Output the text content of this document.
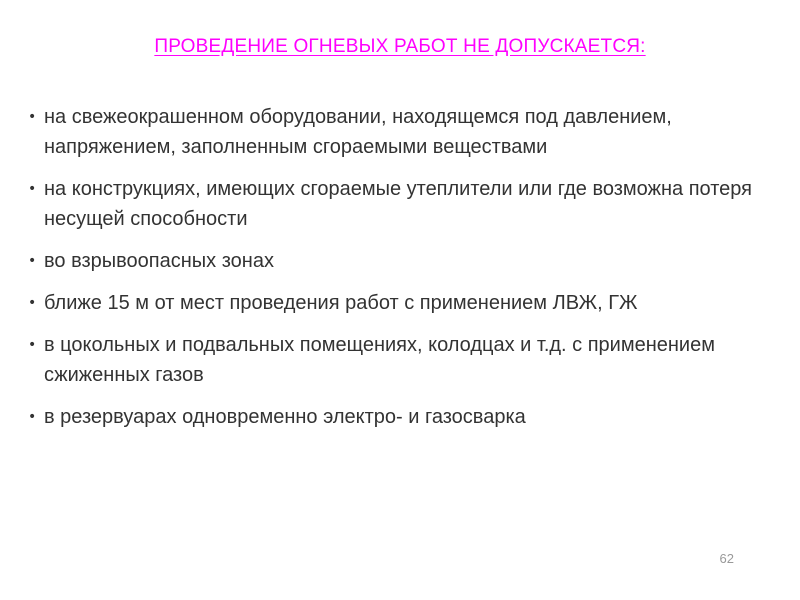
ПРОВЕДЕНИЕ ОГНЕВЫХ РАБОТ НЕ ДОПУСКАЕТСЯ:
• на свежеокрашенном оборудовании, находящемся под давлением, напряжением, заполненным сгораемыми веществами
• на конструкциях, имеющих сгораемые утеплители или где возможна потеря несущей способности
• во взрывоопасных зонах
• ближе 15 м от мест проведения работ с применением ЛВЖ, ГЖ
• в цокольных и подвальных помещениях, колодцах и т.д. с применением сжиженных газов
• в резервуарах одновременно электро- и газосварка
62
